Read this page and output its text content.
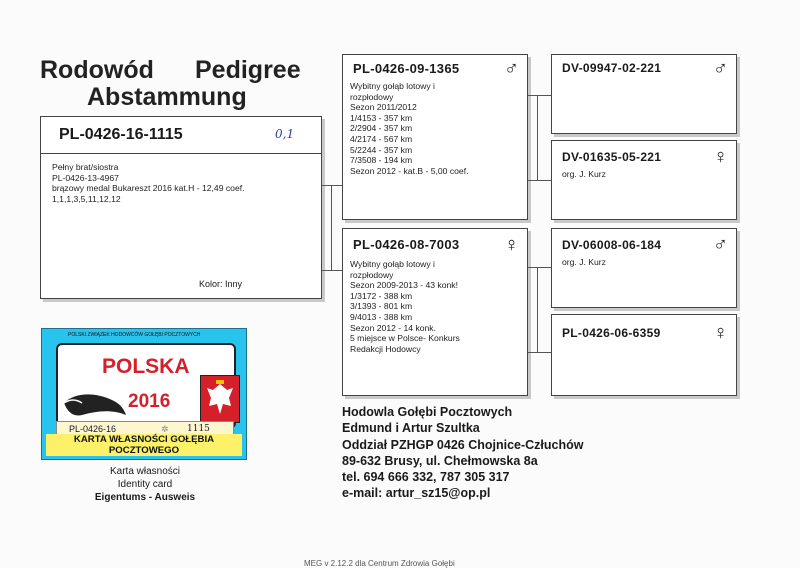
Rodowód Pedigree
Abstammung
PL-0426-16-1115	0,1
Pełny brat/siostra
PL-0426-13-4967
brązowy medal Bukareszt 2016 kat.H - 12,49 coef.
1,1,1,3,5,11,12,12
Kolor: Inny
PL-0426-09-1365 ♂
Wybitny gołąb lotowy i
rozpłodowy
Sezon 2011/2012
1/4153 - 357 km
2/2904 - 357 km
4/2174 - 567 km
5/2244 - 357 km
7/3508 - 194 km
Sezon 2012 - kat.B - 5,00 coef.
PL-0426-08-7003 ♀
Wybitny gołąb lotowy i
rozpłodowy
Sezon 2009-2013 - 43 konk!
1/3172 - 388 km
3/1393 - 801 km
9/4013 - 388 km
Sezon 2012 - 14 konk.
5 miejsce w Polsce- Konkurs
Redakcji Hodowcy
DV-09947-02-221	♂
DV-01635-05-221	♀
org. J. Kurz
DV-06008-06-184	♂
org. J. Kurz
PL-0426-06-6359	♀
POLSKI ZWIĄZEK HODOWCÓW GOŁĘBI POCZTOWYCH
POLSKA
2016
PL-0426-16	✲ 1115
KARTA WŁASNOŚCI GOŁĘBIA POCZTOWEGO
Karta własności
Identity card
Eigentums - Ausweis
Hodowla Gołębi Pocztowych
Edmund i Artur Szultka
Oddział PZHGP 0426 Chojnice-Człuchów
89-632 Brusy, ul. Chełmowska 8a
tel. 694 666 332, 787 305 317
e-mail: artur_sz15@op.pl
MEG v 2.12.2 dla Centrum Zdrowia Gołębi
